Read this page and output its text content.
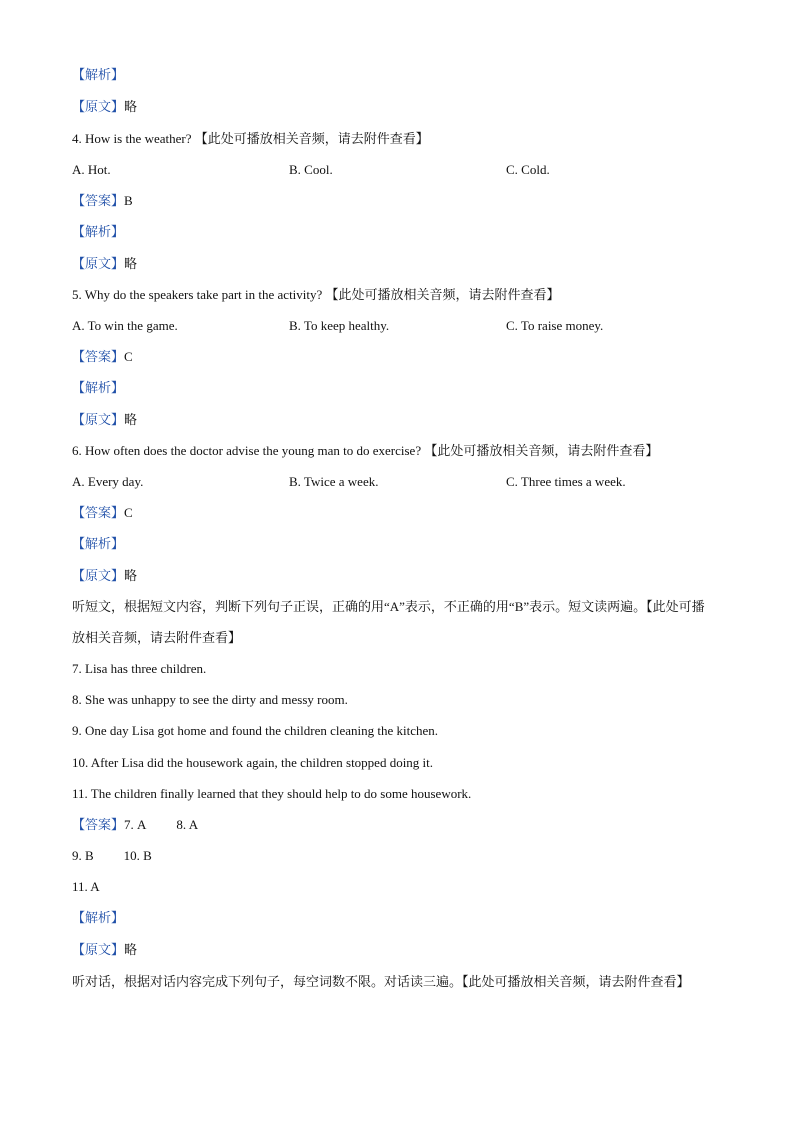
【解析】
【原文】略
4. How is the weather? 【此处可播放相关音频，请去附件查看】
A. Hot.	B. Cool.	C. Cold.
【答案】B
【解析】
【原文】略
5. Why do the speakers take part in the activity? 【此处可播放相关音频，请去附件查看】
A. To win the game.	B. To keep healthy.	C. To raise money.
【答案】C
【解析】
【原文】略
6. How often does the doctor advise the young man to do exercise? 【此处可播放相关音频，请去附件查看】
A. Every day.	B. Twice a week.	C. Three times a week.
【答案】C
【解析】
【原文】略
听短文，根据短文内容，判断下列句子正误，正确的用“A”表示，不正确的用“B”表示。短文读两遍。【此处可播放相关音频，请去附件查看】
7. Lisa has three children.
8. She was unhappy to see the dirty and messy room.
9. One day Lisa got home and found the children cleaning the kitchen.
10. After Lisa did the housework again, the children stopped doing it.
11. The children finally learned that they should help to do some housework.
【答案】7. A 8. A
9. B 10. B
11. A
【解析】
【原文】略
听对话，根据对话内容完成下列句子，每空词数不限。对话读三遍。【此处可播放相关音频，请去附件查看】
